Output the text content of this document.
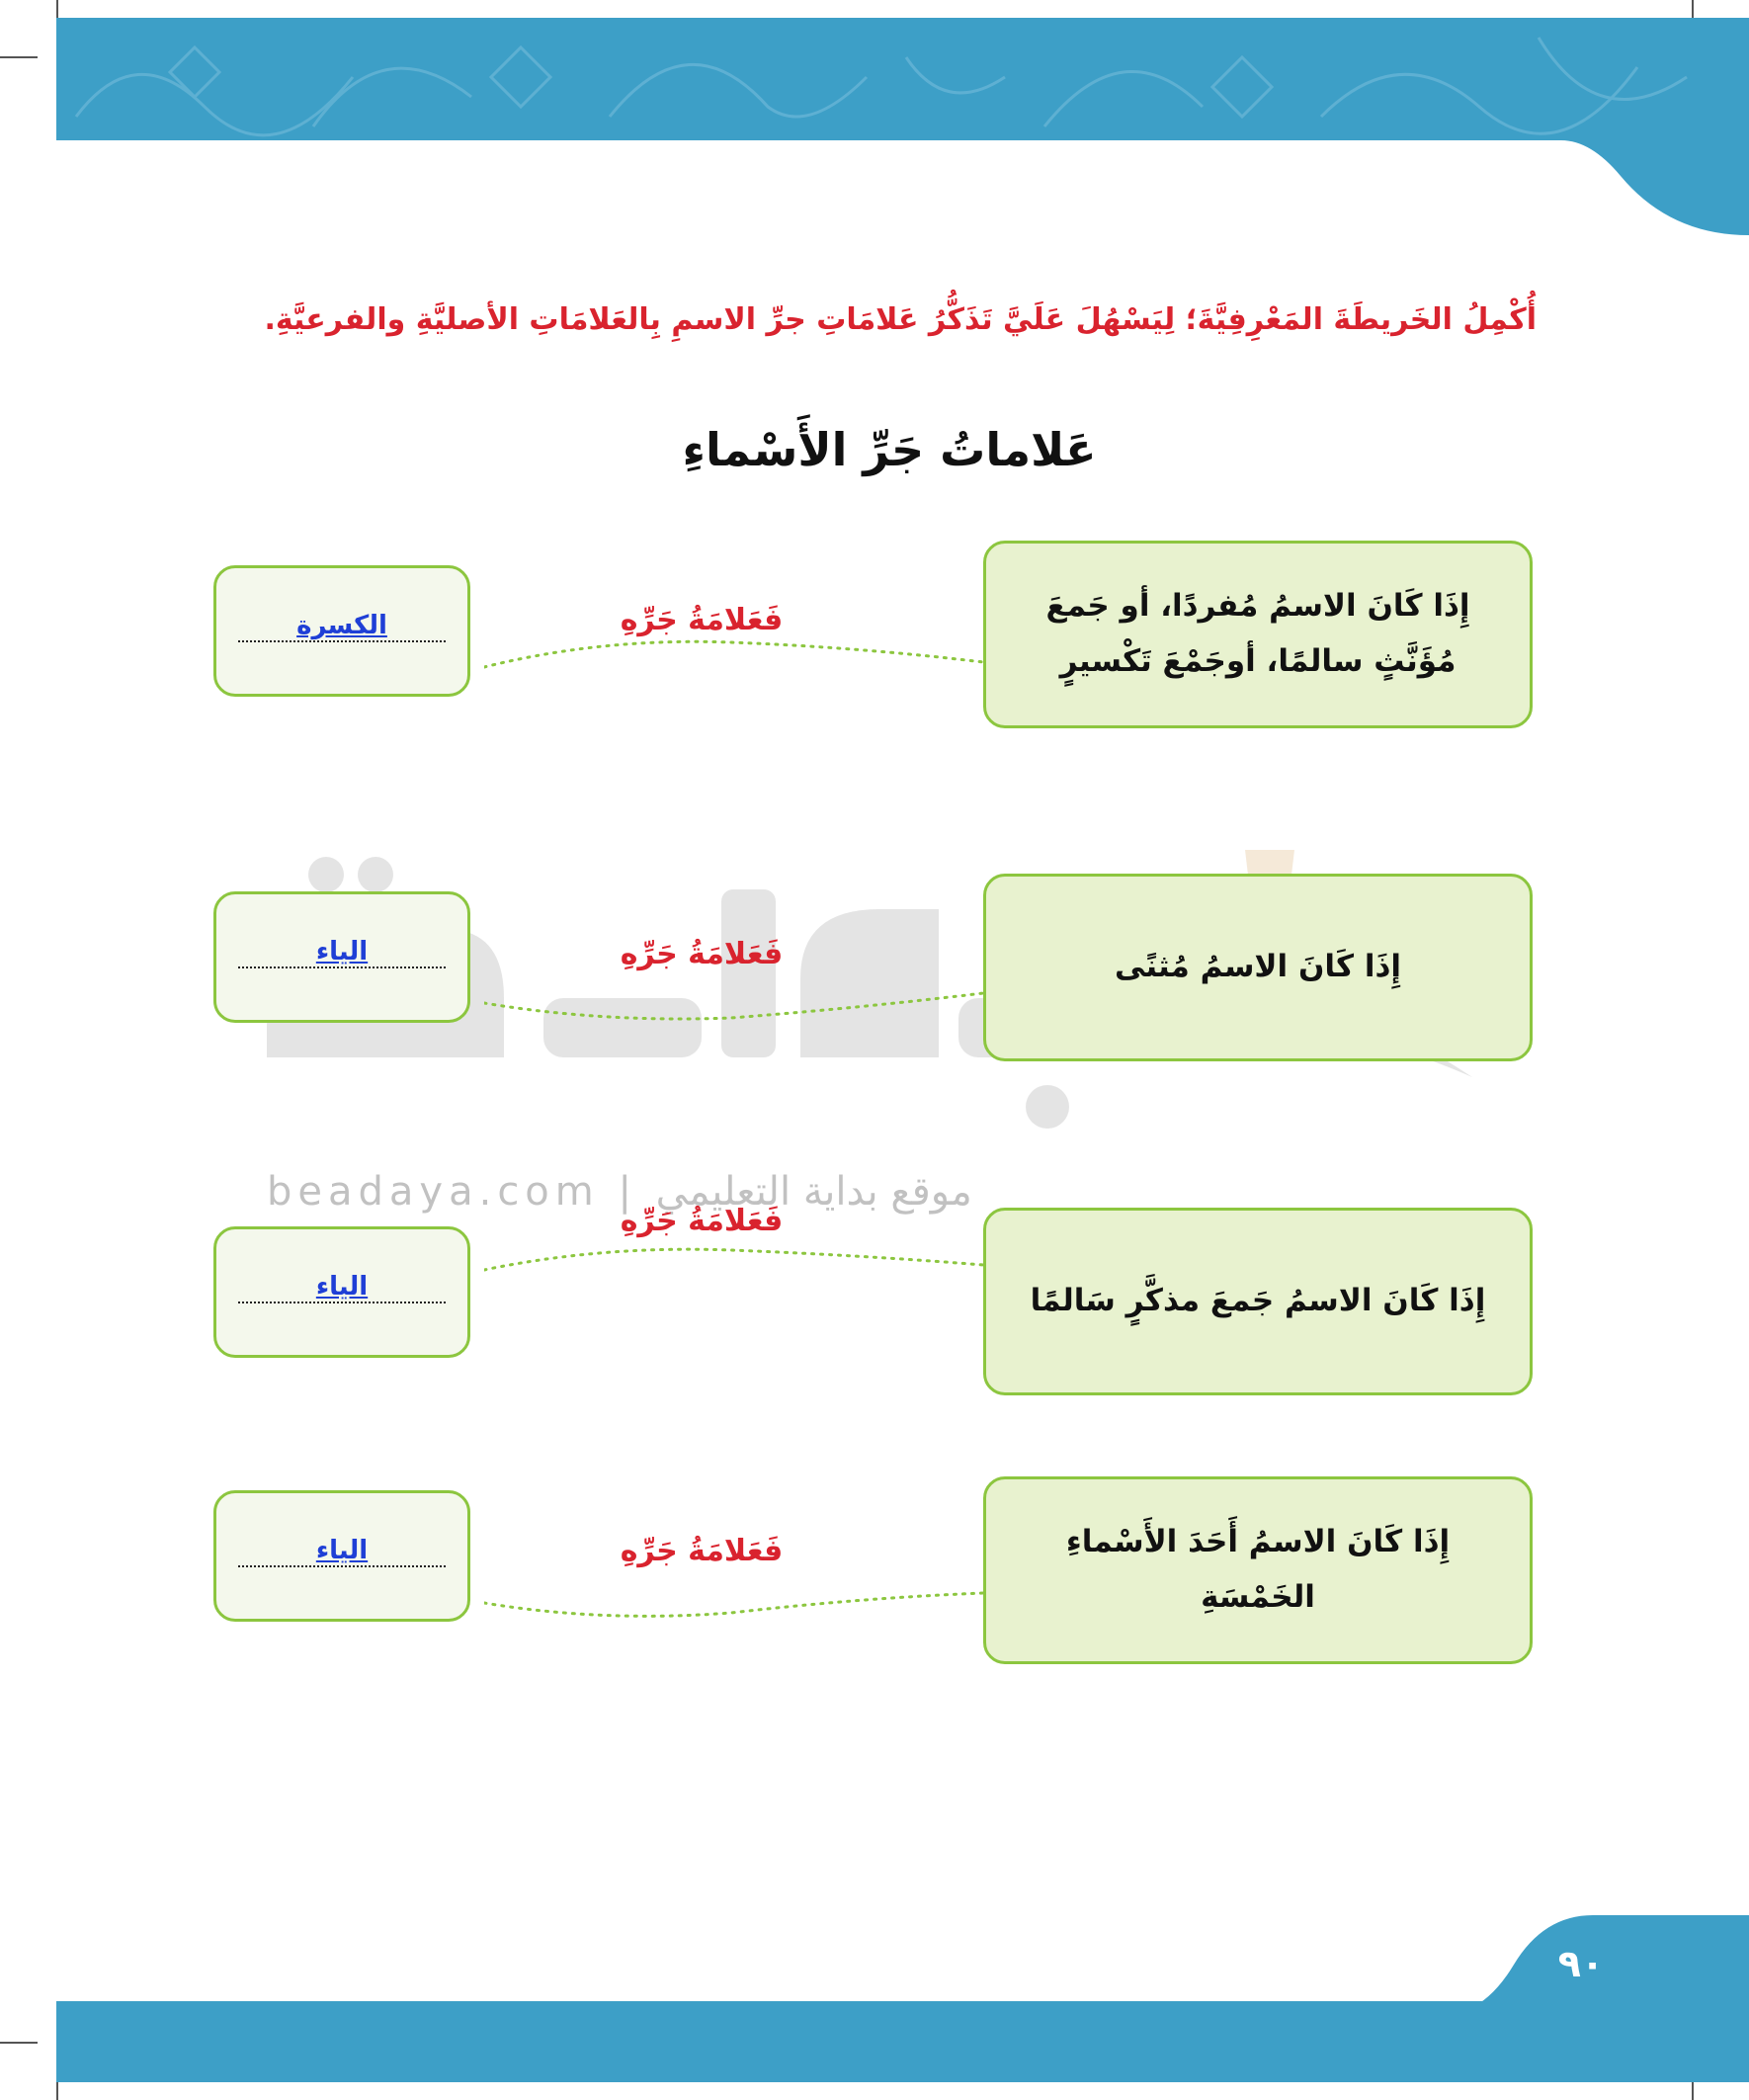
beadaya.com | موقع بداية التعليمي
أُكْمِلُ الخَريطَةَ المَعْرِفِيَّةَ؛ لِيَسْهُلَ عَلَيَّ تَذَكُّرُ عَلامَاتِ جرِّ الاسمِ بِالعَلامَاتِ الأصليَّةِ والفرعيَّةِ.
عَلاماتُ جَرِّ الأَسْماءِ
إِذَا كَانَ الاسمُ مُفردًا، أو جَمعَ مُؤَنَّثٍ سالمًا، أوجَمْعَ تَكْسيرٍ
فَعَلامَةُ جَرِّهِ
الكسرة
إِذَا كَانَ الاسمُ مُثنًى
فَعَلامَةُ جَرِّهِ
الياء
إِذَا كَانَ الاسمُ جَمعَ مذكَّرٍ سَالمًا
فَعَلامَةُ جَرِّهِ
الياء
إِذَا كَانَ الاسمُ أَحَدَ الأَسْماءِ الخَمْسَةِ
فَعَلامَةُ جَرِّهِ
الياء
٩٠
